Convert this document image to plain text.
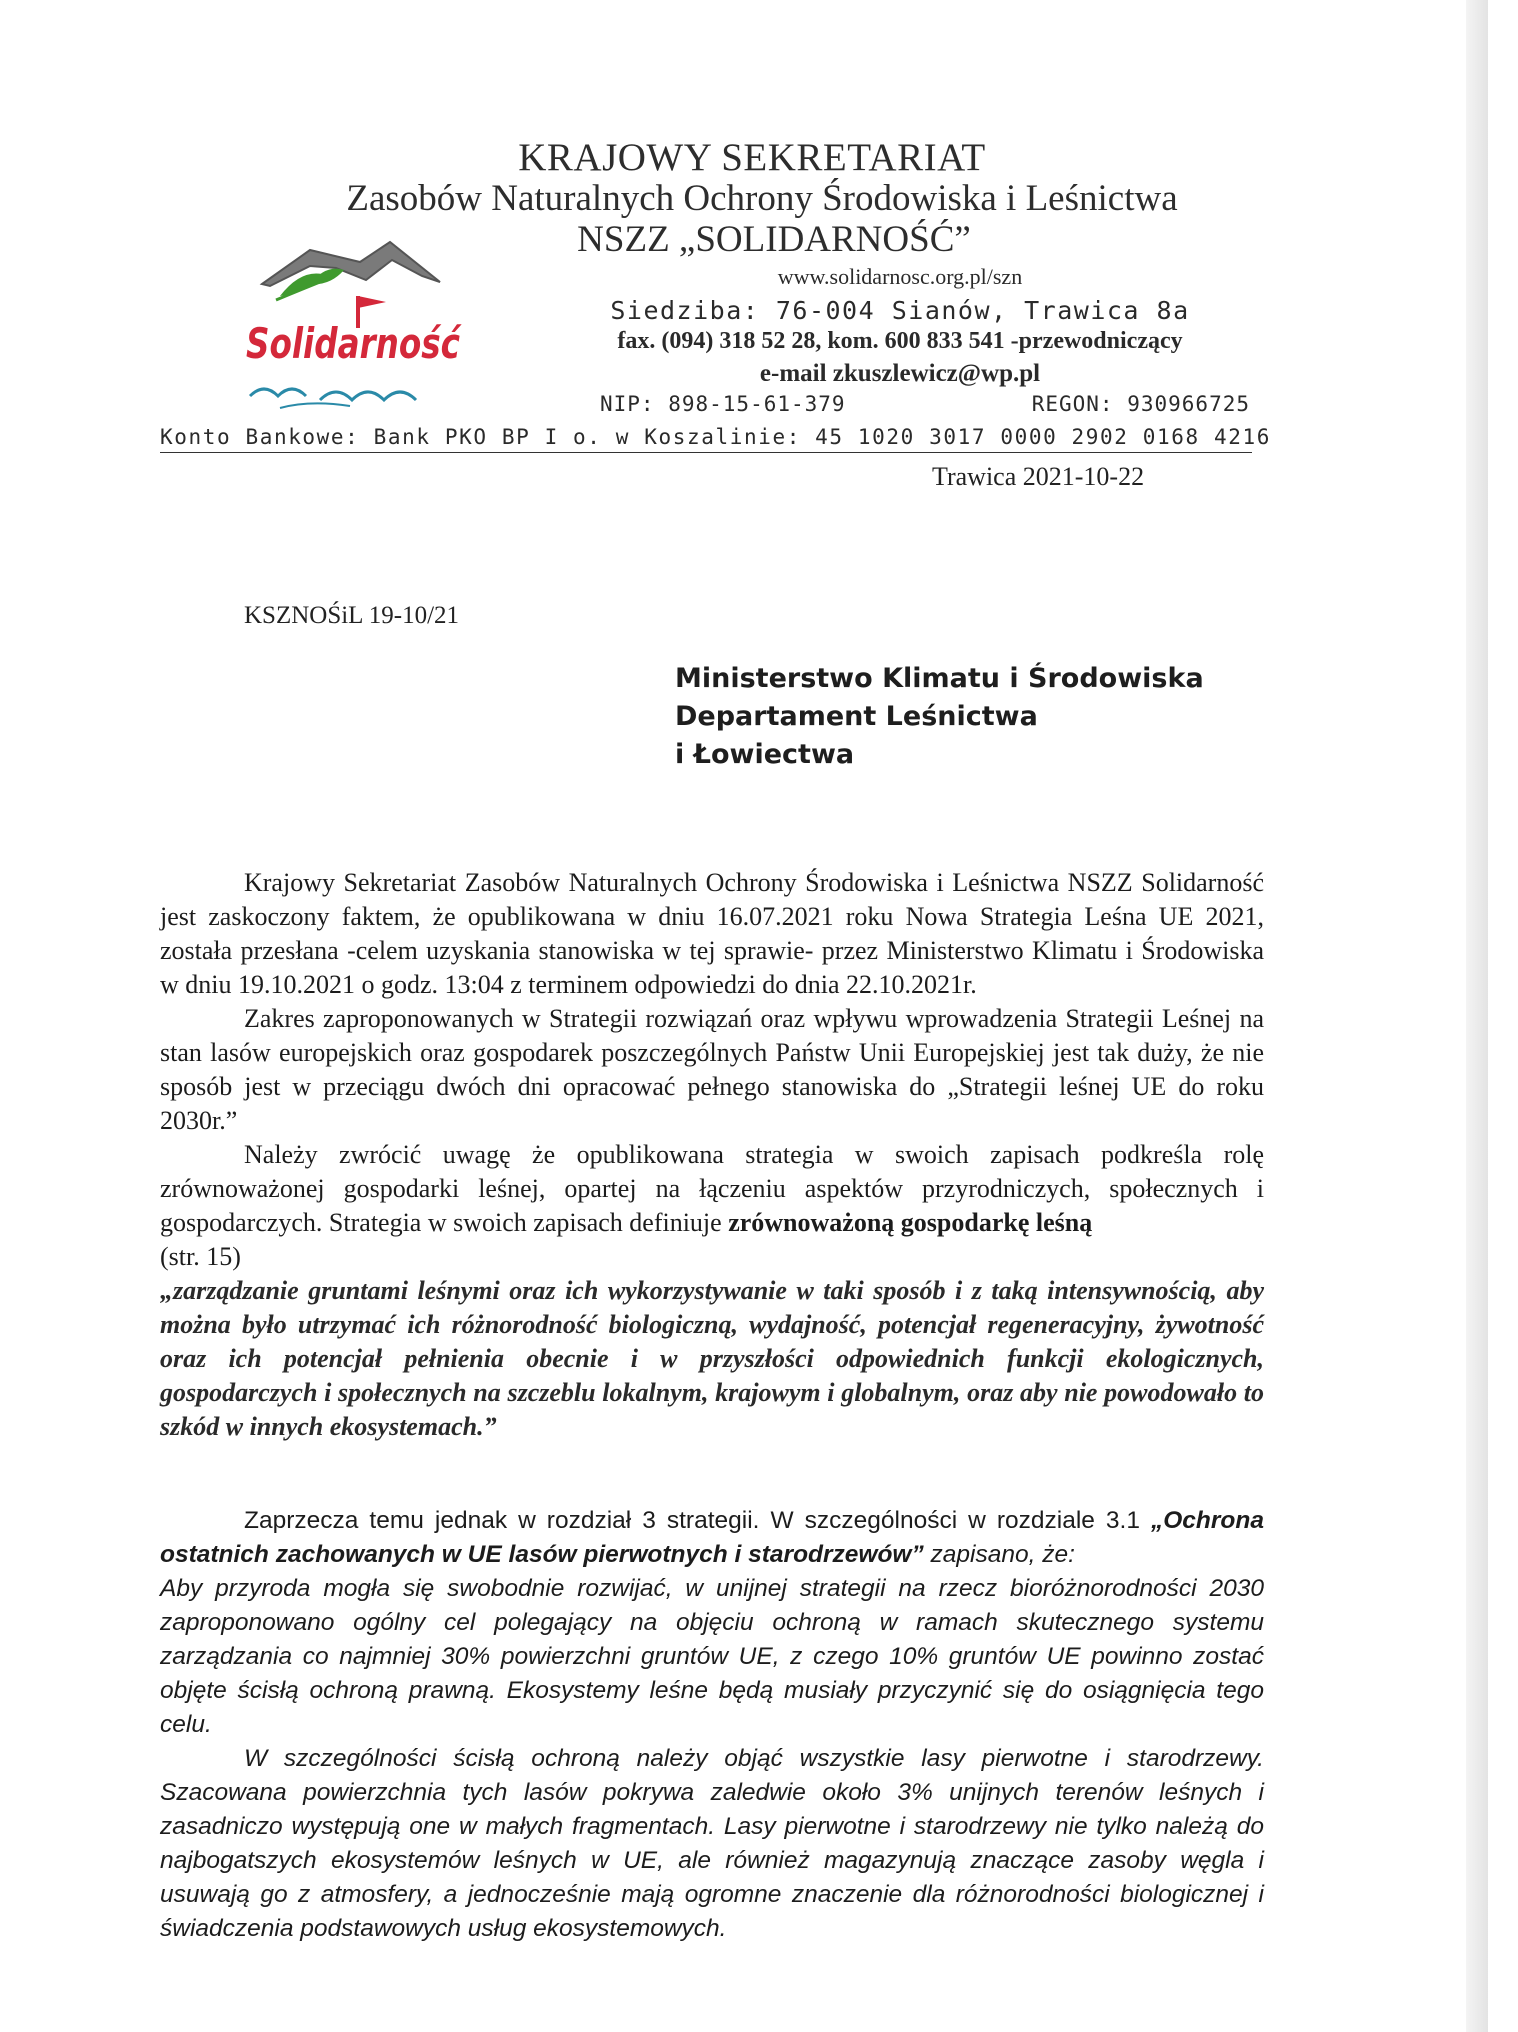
KRAJOWY SEKRETARIAT
Zasobów Naturalnych Ochrony Środowiska i Leśnictwa
NSZZ „SOLIDARNOŚĆ”
Solidarność
www.solidarnosc.org.pl/szn
Siedziba: 76-004 Sianów, Trawica 8a
fax. (094) 318 52 28, kom. 600 833 541 -przewodniczący
e-mail zkuszlewicz@wp.pl
NIP: 898-15-61-379	REGON: 930966725
Konto Bankowe: Bank PKO BP I o. w Koszalinie: 45 1020 3017 0000 2902 0168 4216
Trawica 2021-10-22
KSZNOŚiL 19-10/21
Ministerstwo Klimatu i Środowiska
Departament Leśnictwa
i Łowiectwa

Krajowy Sekretariat Zasobów Naturalnych Ochrony Środowiska i Leśnictwa NSZZ Solidarność jest zaskoczony faktem, że opublikowana w dniu 16.07.2021 roku Nowa Strategia Leśna UE 2021, została przesłana -celem uzyskania stanowiska w tej sprawie- przez Ministerstwo Klimatu i Środowiska w dniu 19.10.2021 o godz. 13:04 z terminem odpowiedzi do dnia 22.10.2021r.

Zakres zaproponowanych w Strategii rozwiązań oraz wpływu wprowadzenia Strategii Leśnej na stan lasów europejskich oraz gospodarek poszczególnych Państw Unii Europejskiej jest tak duży, że nie sposób jest w przeciągu dwóch dni opracować pełnego stanowiska do „Strategii leśnej UE do roku 2030r.”

Należy zwrócić uwagę że opublikowana strategia w swoich zapisach podkreśla rolę zrównoważonej gospodarki leśnej, opartej na łączeniu aspektów przyrodniczych, społecznych i gospodarczych. Strategia w swoich zapisach definiuje zrównoważoną gospodarkę leśną

(str. 15)

„zarządzanie gruntami leśnymi oraz ich wykorzystywanie w taki sposób i z taką intensywnością, aby można było utrzymać ich różnorodność biologiczną, wydajność, potencjał regeneracyjny, żywotność oraz ich potencjał pełnienia obecnie i w przyszłości odpowiednich funkcji ekologicznych, gospodarczych i społecznych na szczeblu lokalnym, krajowym i globalnym, oraz aby nie powodowało to szkód w innych ekosystemach.”

Zaprzecza temu jednak w rozdział 3 strategii. W szczególności w rozdziale 3.1 „Ochrona ostatnich zachowanych w UE lasów pierwotnych i starodrzewów” zapisano, że:

Aby przyroda mogła się swobodnie rozwijać, w unijnej strategii na rzecz bioróżnorodności 2030 zaproponowano ogólny cel polegający na objęciu ochroną w ramach skutecznego systemu zarządzania co najmniej 30% powierzchni gruntów UE, z czego 10% gruntów UE powinno zostać objęte ścisłą ochroną prawną. Ekosystemy leśne będą musiały przyczynić się do osiągnięcia tego celu.

W szczególności ścisłą ochroną należy objąć wszystkie lasy pierwotne i starodrzewy. Szacowana powierzchnia tych lasów pokrywa zaledwie około 3% unijnych terenów leśnych i zasadniczo występują one w małych fragmentach. Lasy pierwotne i starodrzewy nie tylko należą do najbogatszych ekosystemów leśnych w UE, ale również magazynują znaczące zasoby węgla i usuwają go z atmosfery, a jednocześnie mają ogromne znaczenie dla różnorodności biologicznej i świadczenia podstawowych usług ekosystemowych.
